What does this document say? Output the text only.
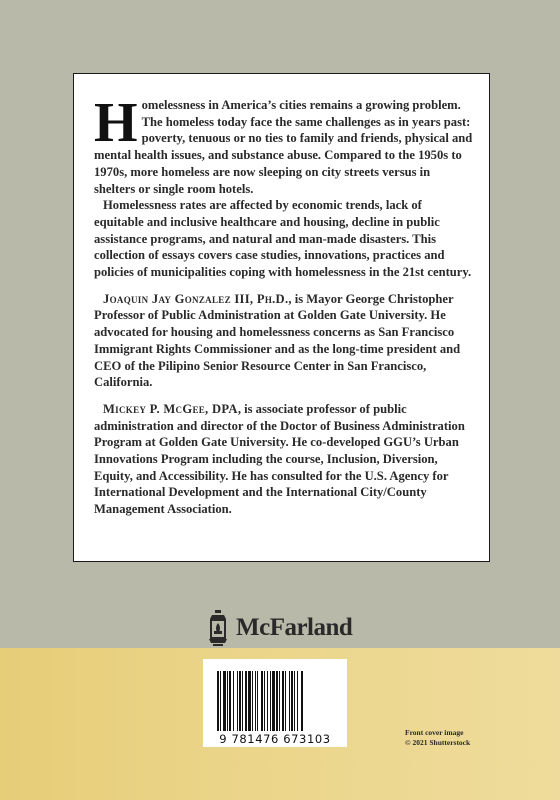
Homelessness in America’s cities remains a growing problem. The homeless today face the same challenges as in years past: poverty, tenuous or no ties to family and friends, physical and mental health issues, and substance abuse. Compared to the 1950s to 1970s, more homeless are now sleeping on city streets versus in shelters or single room hotels.

Homelessness rates are affected by economic trends, lack of equitable and inclusive healthcare and housing, decline in public assistance programs, and natural and man-made disasters. This collection of essays covers case studies, innovations, practices and policies of municipalities coping with homelessness in the 21st century.

Joaquin Jay Gonzalez III, Ph.D., is Mayor George Christopher Professor of Public Administration at Golden Gate University. He advocated for housing and homelessness concerns as San Francisco Immigrant Rights Commissioner and as the long-time president and CEO of the Pilipino Senior Resource Center in San Francisco, California.

Mickey P. McGee, DPA, is associate professor of public administration and director of the Doctor of Business Administration Program at Golden Gate University. He co-developed GGU’s Urban Innovations Program including the course, Inclusion, Diversion, Equity, and Accessibility. He has consulted for the U.S. Agency for International Development and the International City/County Management Association.

McFarland
9 781476 673103	Front cover image
© 2021 Shutterstock
